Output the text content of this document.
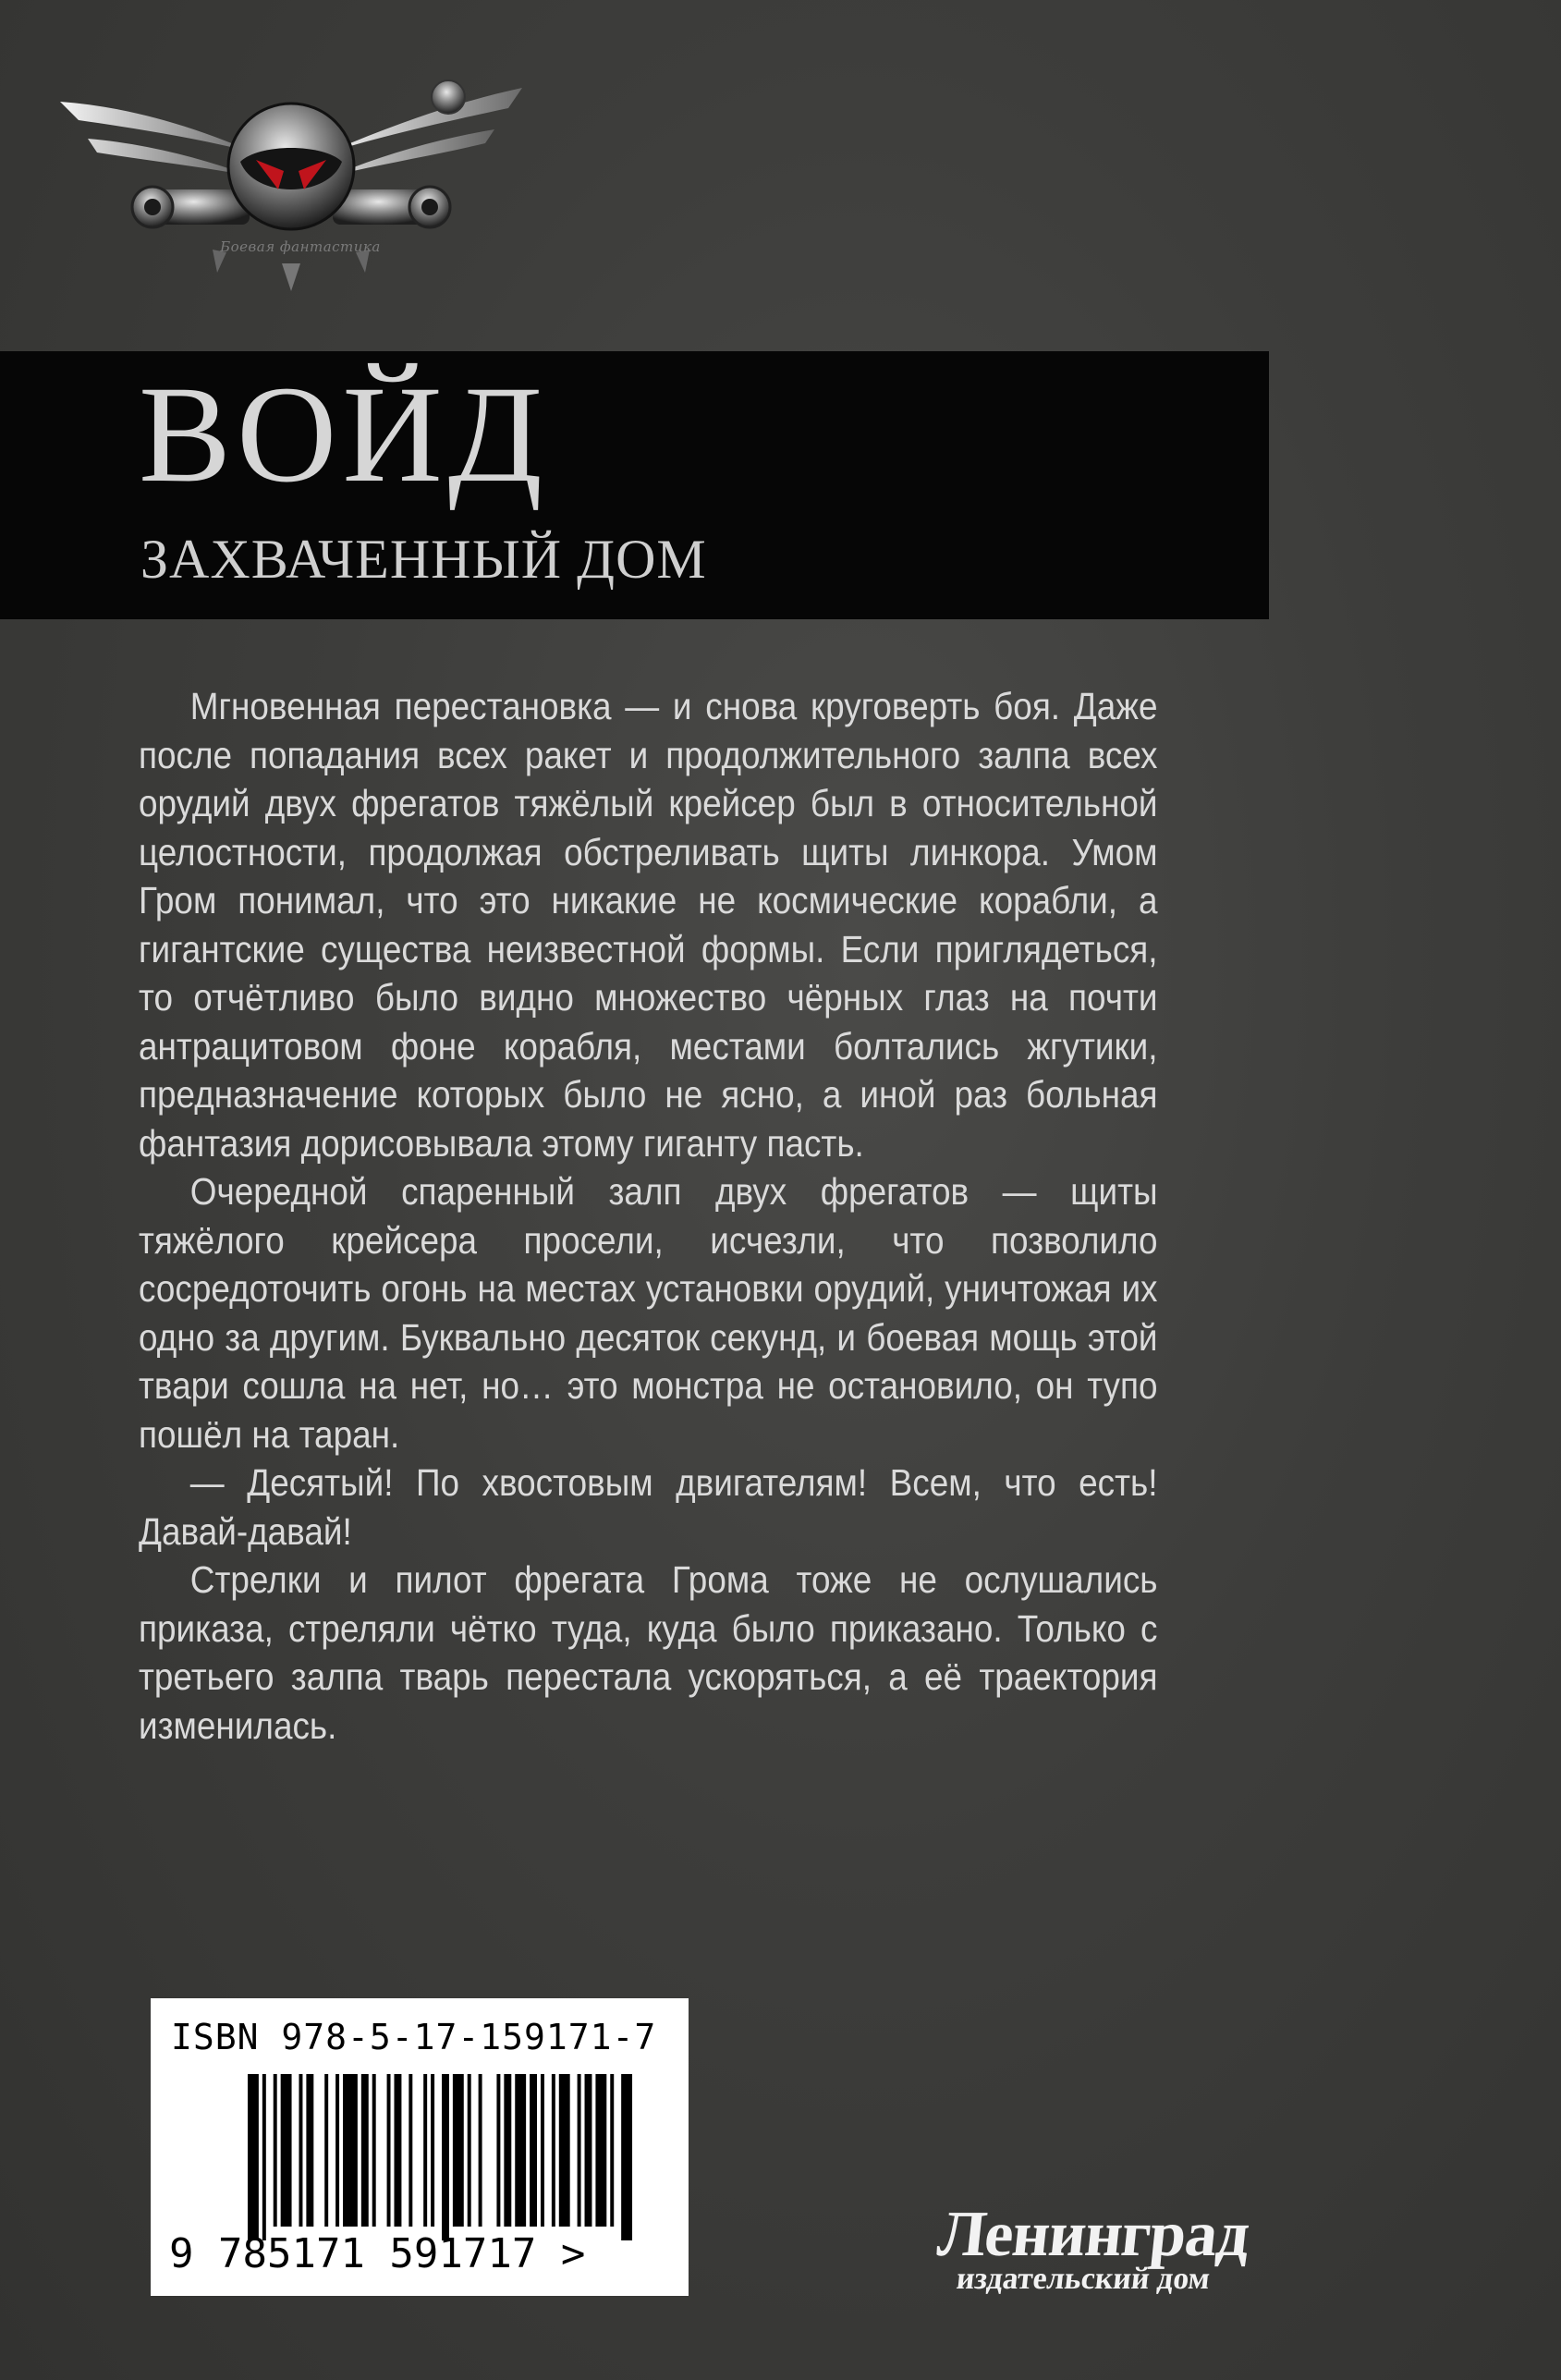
Боевая фантастика
ВОЙД
ЗАХВАЧЕННЫЙ ДОМ

Мгновенная перестановка — и снова круговерть боя. Даже после попадания всех ракет и продолжительного залпа всех орудий двух фрегатов тяжёлый крейсер был в относительной целостности, продолжая обстреливать щиты линкора. Умом Гром понимал, что это никакие не космические корабли, а гигантские существа неизвестной формы. Если приглядеться, то отчётливо было видно множество чёрных глаз на почти антрацитовом фоне корабля, местами болтались жгутики, предназначение которых было не ясно, а иной раз больная фантазия дорисовывала этому гиганту пасть.

Очередной спаренный залп двух фрегатов — щиты тяжёлого крейсера просели, исчезли, что позволило сосредоточить огонь на местах установки орудий, уничтожая их одно за другим. Буквально десяток секунд, и боевая мощь этой твари сошла на нет, но… это монстра не остановило, он тупо пошёл на таран.

— Десятый! По хвостовым двигателям! Всем, что есть! Давай-давай!

Стрелки и пилот фрегата Грома тоже не ослушались приказа, стреляли чётко туда, куда было приказано. Только с третьего залпа тварь перестала ускоряться, а её траектория изменилась.

ISBN 978-5-17-159171-7
9 785171 591717 >	Ленинград
издательский дом
